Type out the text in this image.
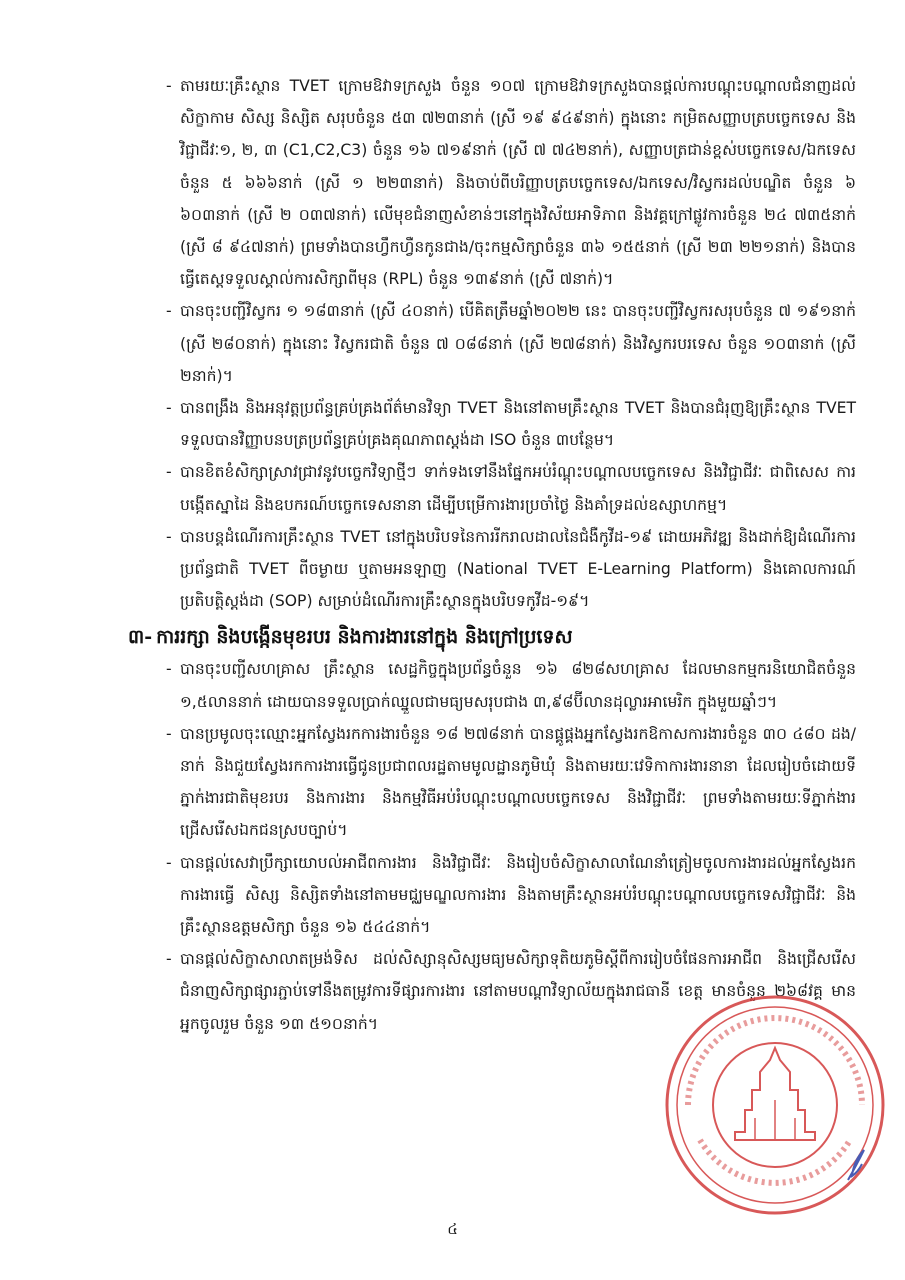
- តាមរយៈគ្រឹះស្ថាន TVET ក្រោមឱវាទក្រសួង ចំនួន ១០៧ ក្រោមឱវាទក្រសួងបានផ្តល់ការបណ្តុះបណ្តាលជំនាញដល់សិក្ខាកាម សិស្ស និស្សិត សរុបចំនួន ៥៣ ៧២៣នាក់ (ស្រី ១៩ ៩៤៩នាក់) ក្នុងនោះ កម្រិតសញ្ញាបត្របច្ចេកទេស និងវិជ្ជាជីវៈ១, ២, ៣ (C1,C2,C3) ចំនួន ១៦ ៧១៩នាក់ (ស្រី ៧ ៧៤២នាក់), សញ្ញាបត្រជាន់ខ្ពស់បច្ចេកទេស/ឯកទេស ចំនួន ៥ ៦៦៦នាក់ (ស្រី ១ ២២៣នាក់) និងចាប់ពីបរិញ្ញាបត្របច្ចេកទេស/ឯកទេស/វិស្វករដល់បណ្ឌិត ចំនួន ៦ ៦០៣នាក់ (ស្រី ២ ០៣៧នាក់) លើមុខជំនាញសំខាន់ៗនៅក្នុងវិស័យអាទិភាព និងវគ្គក្រៅផ្លូវការចំនួន ២៤ ៧៣៥នាក់ (ស្រី ៨ ៩៤៧នាក់) ព្រមទាំងបានហ្វឹកហ្វឺនកូនជាង/ចុះកម្មសិក្សាចំនួន ៣៦ ១៥៥នាក់ (ស្រី ២៣ ២២១នាក់) និងបានធ្វើតេស្តទទួលស្គាល់ការសិក្សាពីមុន (RPL) ចំនួន ១៣៩នាក់ (ស្រី ៧នាក់)។

- បានចុះបញ្ជីវិស្វករ ១ ១៨៣នាក់ (ស្រី ៤០នាក់) បើគិតត្រឹមឆ្នាំ២០២២ នេះ បានចុះបញ្ជីវិស្វករសរុបចំនួន ៧ ១៩១នាក់ (ស្រី ២៨០នាក់) ក្នុងនោះ វិស្វករជាតិ ចំនួន ៧ ០៨៨នាក់ (ស្រី ២៧៨នាក់) និងវិស្វករបរទេស ចំនួន ១០៣នាក់ (ស្រី ២នាក់)។

- បានពង្រឹង និងអនុវត្តប្រព័ន្ធគ្រប់គ្រងព័ត៌មានវិទ្យា TVET និងនៅតាមគ្រឹះស្ថាន TVET និងបានជំរុញឱ្យគ្រឹះស្ថាន TVET ទទួលបានវិញ្ញាបនបត្រប្រព័ន្ធគ្រប់គ្រងគុណភាពស្តង់ដា ISO ចំនួន ៣បន្ថែម។

- បានខិតខំសិក្សាស្រាវជ្រាវនូវបច្ចេកវិទ្យាថ្មីៗ ទាក់ទងទៅនឹងផ្នែកអប់រំណ្តុះបណ្តាលបច្ចេកទេស និងវិជ្ជាជីវៈ ជាពិសេស ការបង្កើតស្នាដៃ និងឧបករណ៍បច្ចេកទេសនានា ដើម្បីបម្រើការងារប្រចាំថ្ងៃ និងគាំទ្រដល់ឧស្សាហកម្ម។

- បានបន្តដំណើរការគ្រឹះស្ថាន TVET នៅក្នុងបរិបទនៃការរីករាលដាលនៃជំងឺកូវីដ-១៩ ដោយអភិវឌ្ឍ និងដាក់ឱ្យដំណើរការប្រព័ន្ធជាតិ TVET ពីចម្ងាយ ឬតាមអនឡាញ (National TVET E-Learning Platform) និងគោលការណ៍ប្រតិបត្តិស្តង់ដា (SOP) សម្រាប់ដំណើរការគ្រឹះស្ថានក្នុងបរិបទកូវីដ-១៩។

៣- ការរក្សា និងបង្កើនមុខរបរ និងការងារនៅក្នុង និងក្រៅប្រទេស

- បានចុះបញ្ជីសហគ្រាស គ្រឹះស្ថាន សេដ្ឋកិច្ចក្នុងប្រព័ន្ធចំនួន ១៦ ៨២៨សហគ្រាស ដែលមានកម្មករនិយោជិតចំនួន ១,៥លាននាក់ ដោយបានទទួលប្រាក់ឈ្នួលជាមធ្យមសរុបជាង ៣,៩៨ប៊ីលានដុល្លារអាមេរិក ក្នុងមួយឆ្នាំៗ។

- បានប្រមូលចុះឈ្មោះអ្នកស្វែងរកការងារចំនួន ១៨ ២៧៨នាក់ បានផ្គូផ្គងអ្នកស្វែងរកឱកាសការងារចំនួន ៣០ ៤៨០ ដង/នាក់ និងជួយស្វែងរកការងារធ្វើជូនប្រជាពលរដ្ឋតាមមូលដ្ឋានភូមិឃុំ និងតាមរយៈវេទិកាការងារនានា ដែលរៀបចំដោយទីភ្នាក់ងារជាតិមុខរបរ និងការងារ និងកម្មវិធីអប់រំបណ្តុះបណ្តាលបច្ចេកទេស និងវិជ្ជាជីវៈ ព្រមទាំងតាមរយៈទីភ្នាក់ងារជ្រើសរើសឯកជនស្របច្បាប់។

- បានផ្តល់សេវាប្រឹក្សាយោបល់អាជីពការងារ និងវិជ្ជាជីវៈ និងរៀបចំសិក្ខាសាលាណែនាំត្រៀមចូលការងារដល់អ្នកស្វែងរកការងារធ្វើ សិស្ស និស្សិតទាំងនៅតាមមជ្ឈមណ្ឌលការងារ និងតាមគ្រឹះស្ថានអប់រំបណ្តុះបណ្តាលបច្ចេកទេសវិជ្ជាជីវៈ និងគ្រឹះស្ថានឧត្តមសិក្សា ចំនួន ១៦ ៥៤៤នាក់។

- បានផ្តល់សិក្ខាសាលាតម្រង់ទិស ដល់សិស្សានុសិស្សមធ្យមសិក្សាទុតិយភូមិស្តីពីការរៀបចំផែនការអាជីព និងជ្រើសរើសជំនាញសិក្សាផ្សារភ្ជាប់ទៅនឹងតម្រូវការទីផ្សារការងារ នៅតាមបណ្តាវិទ្យាល័យក្នុងរាជធានី ខេត្ត មានចំនួន ២៦៨វគ្គ មានអ្នកចូលរួម ចំនួន ១៣ ៥១០នាក់។

៤
